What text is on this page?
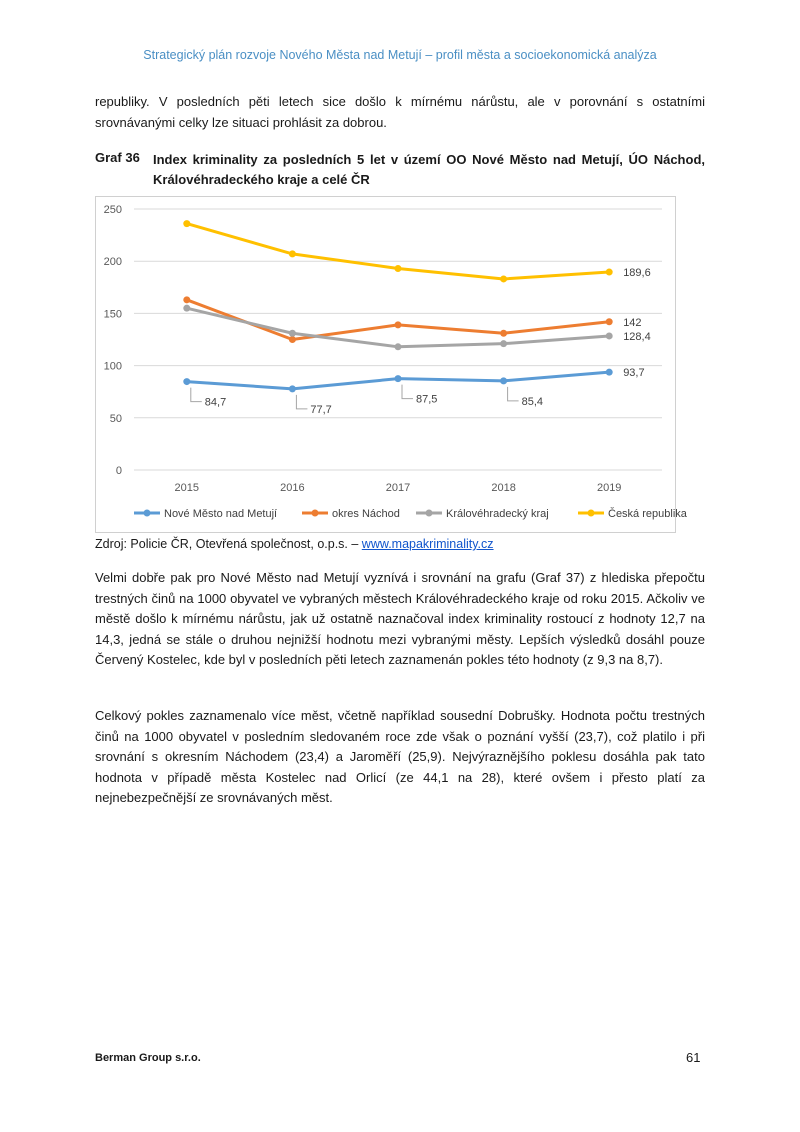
Strategický plán rozvoje Nového Města nad Metují – profil města a socioekonomická analýza

republiky. V posledních pěti letech sice došlo k mírnému nárůstu, ale v porovnání s ostatními srovnávanými celky lze situaci prohlásit za dobrou.

Graf 36 Index kriminality za posledních 5 let v území OO Nové Město nad Metují, ÚO Náchod, Královéhradeckého kraje a celé ČR

0
50
100
150
200
250
2015	2016	2017	2018	2019
84,7
77,7
87,5	85,4
93,7
142
128,4
189,6
Nové Město nad Metují	okres Náchod	Královéhradecký kraj	Česká republika
Zdroj: Policie ČR, Otevřená společnost, o.p.s. – www.mapakriminality.cz

Velmi dobře pak pro Nové Město nad Metují vyznívá i srovnání na grafu (Graf 37) z hlediska přepočtu trestných činů na 1000 obyvatel ve vybraných městech Královéhradeckého kraje od roku 2015. Ačkoliv ve městě došlo k mírnému nárůstu, jak už ostatně naznačoval index kriminality rostoucí z hodnoty 12,7 na 14,3, jedná se stále o druhou nejnižší hodnotu mezi vybranými městy. Lepších výsledků dosáhl pouze Červený Kostelec, kde byl v posledních pěti letech zaznamenán pokles této hodnoty (z 9,3 na 8,7).

Celkový pokles zaznamenalo více měst, včetně například sousední Dobrušky. Hodnota počtu trestných činů na 1000 obyvatel v posledním sledovaném roce zde však o poznání vyšší (23,7), což platilo i při srovnání s okresním Náchodem (23,4) a Jaroměří (25,9). Nejvýraznějšího poklesu dosáhla pak tato hodnota v případě města Kostelec nad Orlicí (ze 44,1 na 28), které ovšem i přesto platí za nejnebezpečnější ze srovnávaných měst.

Berman Group s.r.o.	61
